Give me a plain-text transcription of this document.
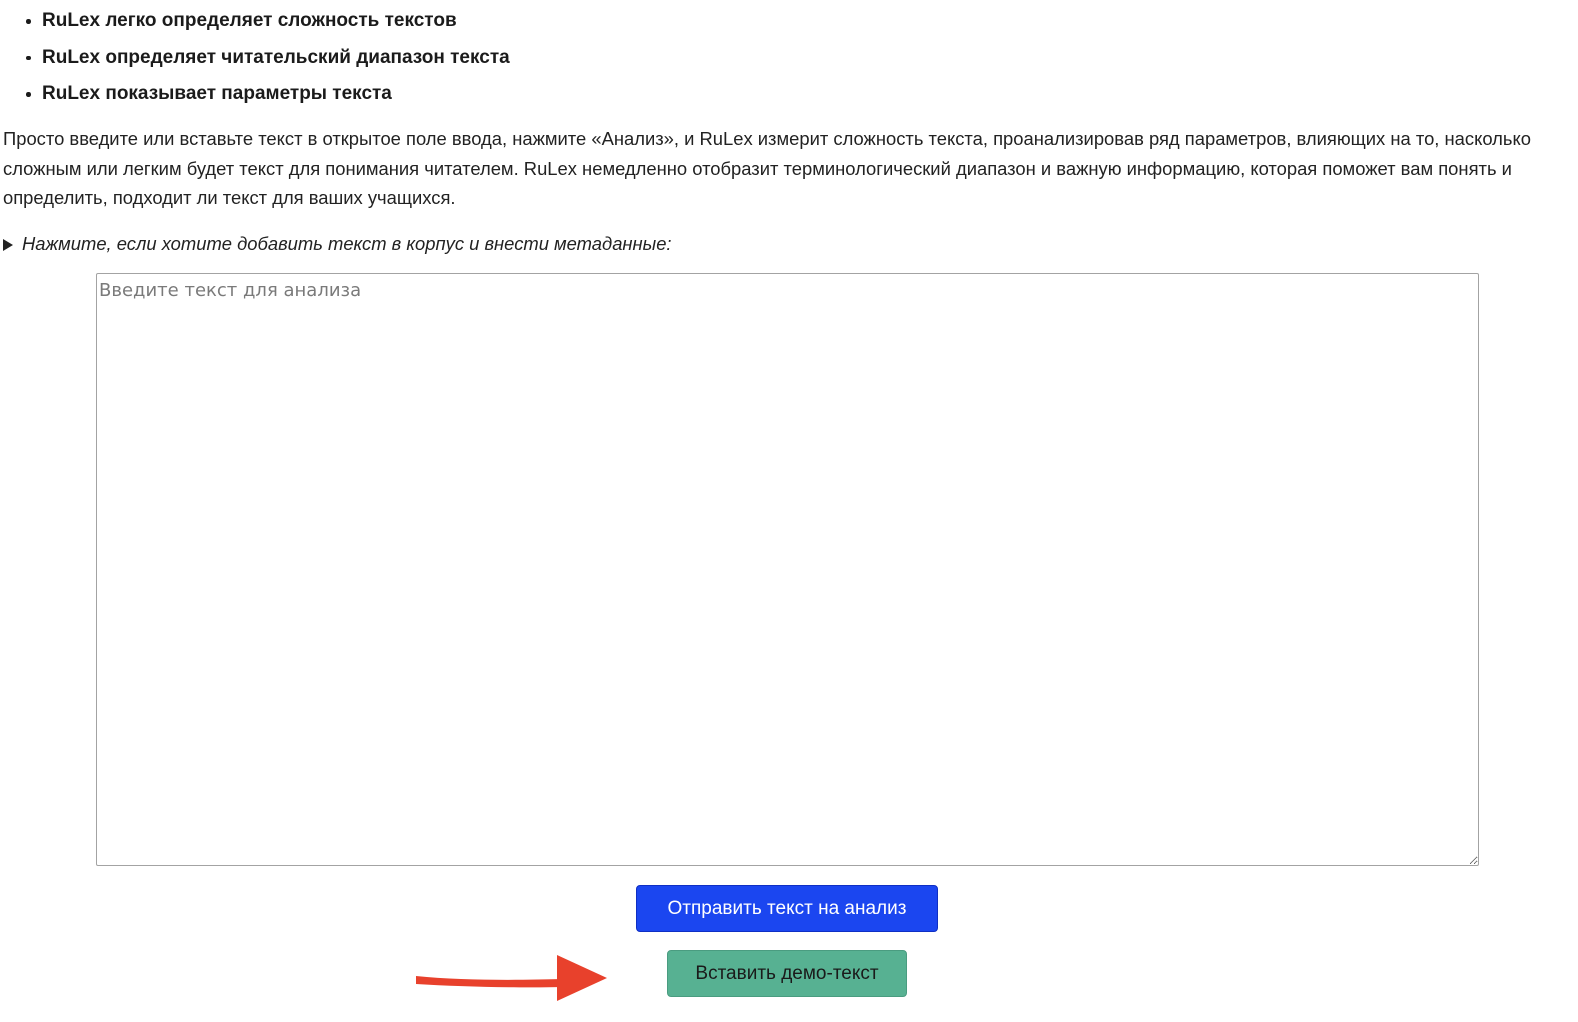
RuLex легко определяет сложность текстов
RuLex определяет читательский диапазон текста
RuLex показывает параметры текста

Просто введите или вставьте текст в открытое поле ввода, нажмите «Анализ», и RuLex измерит сложность текста, проанализировав ряд параметров, влияющих на то, насколько сложным или легким будет текст для понимания читателем. RuLex немедленно отобразит терминологический диапазон и важную информацию, которая поможет вам понять и определить, подходит ли текст для ваших учащихся.

Нажмите, если хотите добавить текст в корпус и внести метаданные:
Введите текст для анализа
Отправить текст на анализ
Вставить демо-текст
